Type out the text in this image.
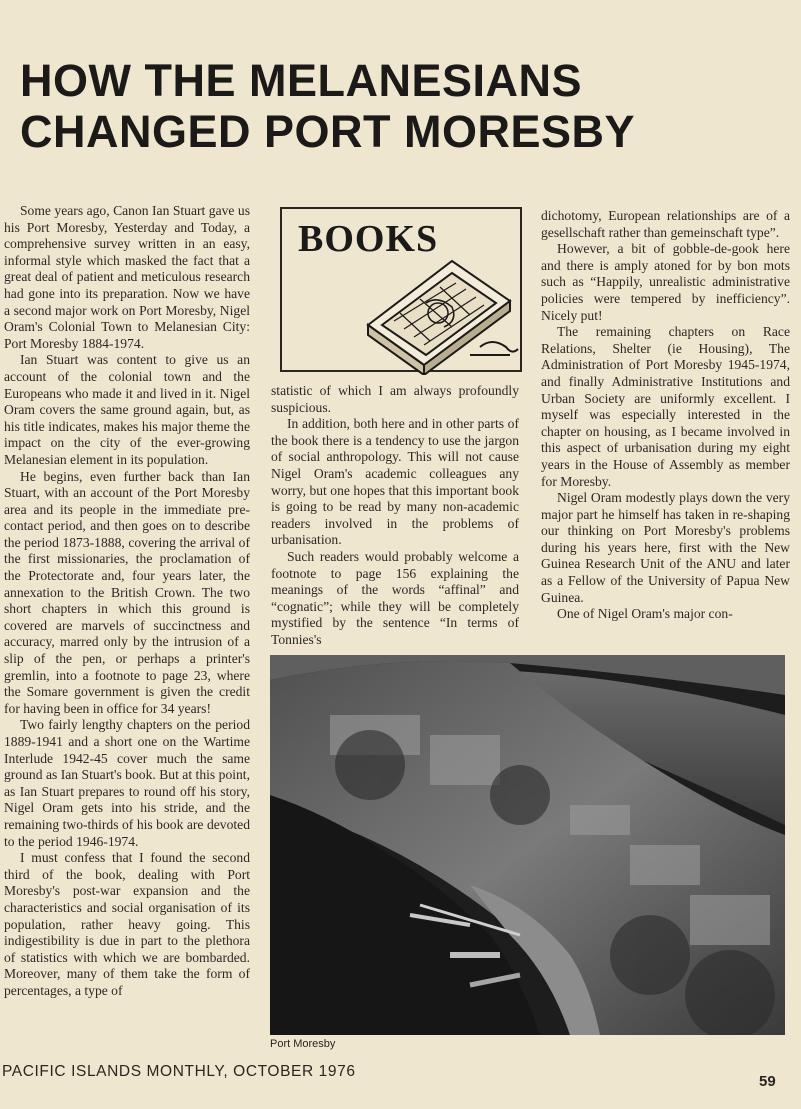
HOW THE MELANESIANS
CHANGED PORT MORESBY

Some years ago, Canon Ian Stuart gave us his Port Moresby, Yesterday and Today, a comprehensive survey written in an easy, informal style which masked the fact that a great deal of patient and meticulous research had gone into its preparation. Now we have a second major work on Port Moresby, Nigel Oram's Colonial Town to Melanesian City: Port Moresby 1884-1974.

Ian Stuart was content to give us an account of the colonial town and the Europeans who made it and lived in it. Nigel Oram covers the same ground again, but, as his title indicates, makes his major theme the impact on the city of the ever-growing Melanesian element in its population.

He begins, even further back than Ian Stuart, with an account of the Port Moresby area and its people in the immediate pre-contact period, and then goes on to describe the period 1873-1888, covering the arrival of the first missionaries, the proclamation of the Protectorate and, four years later, the annexation to the British Crown. The two short chapters in which this ground is covered are marvels of succinctness and accuracy, marred only by the intrusion of a slip of the pen, or perhaps a printer's gremlin, into a footnote to page 23, where the Somare government is given the credit for having been in office for 34 years!

Two fairly lengthy chapters on the period 1889-1941 and a short one on the Wartime Interlude 1942-45 cover much the same ground as Ian Stuart's book. But at this point, as Ian Stuart prepares to round off his story, Nigel Oram gets into his stride, and the remaining two-thirds of his book are devoted to the period 1946-1974.

I must confess that I found the second third of the book, dealing with Port Moresby's post-war expansion and the characteristics and social organisation of its population, rather heavy going. This indigestibility is due in part to the plethora of statistics with which we are bombarded. Moreover, many of them take the form of percentages, a type of

BOOKS

statistic of which I am always profoundly suspicious.

In addition, both here and in other parts of the book there is a tendency to use the jargon of social anthropology. This will not cause Nigel Oram's academic colleagues any worry, but one hopes that this important book is going to be read by many non-academic readers involved in the problems of urbanisation.

Such readers would probably welcome a footnote to page 156 explaining the meanings of the words “affinal” and “cognatic”; while they will be completely mystified by the sentence “In terms of Tonnies's

dichotomy, European relationships are of a gesellschaft rather than gemeinschaft type”.

However, a bit of gobble-de-gook here and there is amply atoned for by bon mots such as “Happily, unrealistic administrative policies were tempered by inefficiency”. Nicely put!

The remaining chapters on Race Relations, Shelter (ie Housing), The Administration of Port Moresby 1945-1974, and finally Administrative Institutions and Urban Society are uniformly excellent. I myself was especially interested in the chapter on housing, as I became involved in this aspect of urbanisation during my eight years in the House of Assembly as member for Moresby.

Nigel Oram modestly plays down the very major part he himself has taken in re-shaping our thinking on Port Moresby's problems during his years here, first with the New Guinea Research Unit of the ANU and later as a Fellow of the University of Papua New Guinea.

One of Nigel Oram's major con-

Port Moresby
PACIFIC ISLANDS MONTHLY, OCTOBER 1976
59
